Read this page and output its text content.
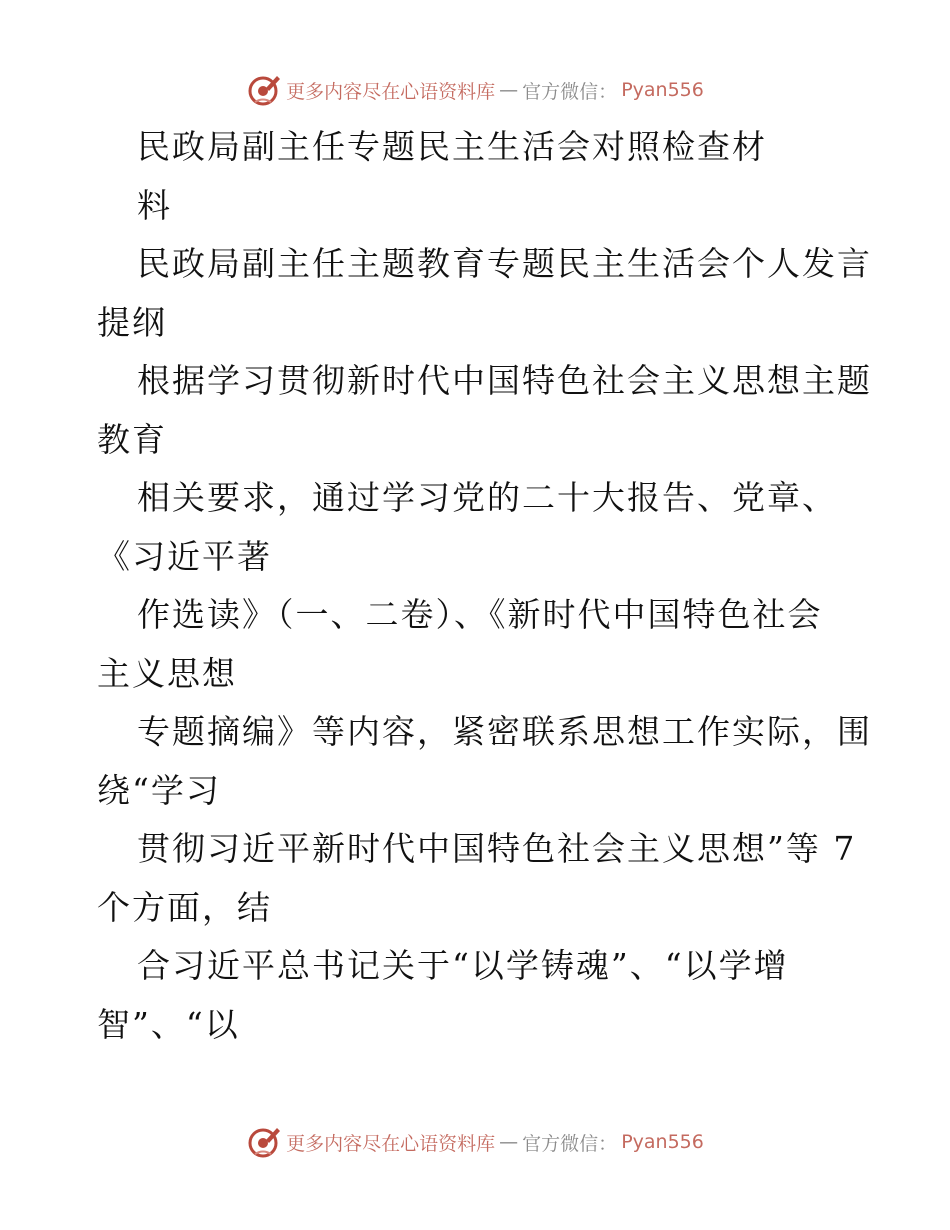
更多内容尽在心语资料库 — 官方微信： Pyan556
民政局副主任专题民主生活会对照检查材
料
民政局副主任主题教育专题民主生活会个人发言
提纲
根据学习贯彻新时代中国特色社会主义思想主题
教育
相关要求，通过学习党的二十大报告、党章、
《习近平著
作选读》（一、二卷）、《新时代中国特色社会
主义思想
专题摘编》等内容，紧密联系思想工作实际，围
绕“学习
贯彻习近平新时代中国特色社会主义思想”等 7
个方面，结
合习近平总书记关于“以学铸魂”、“以学增
智”、“以
更多内容尽在心语资料库 — 官方微信： Pyan556
